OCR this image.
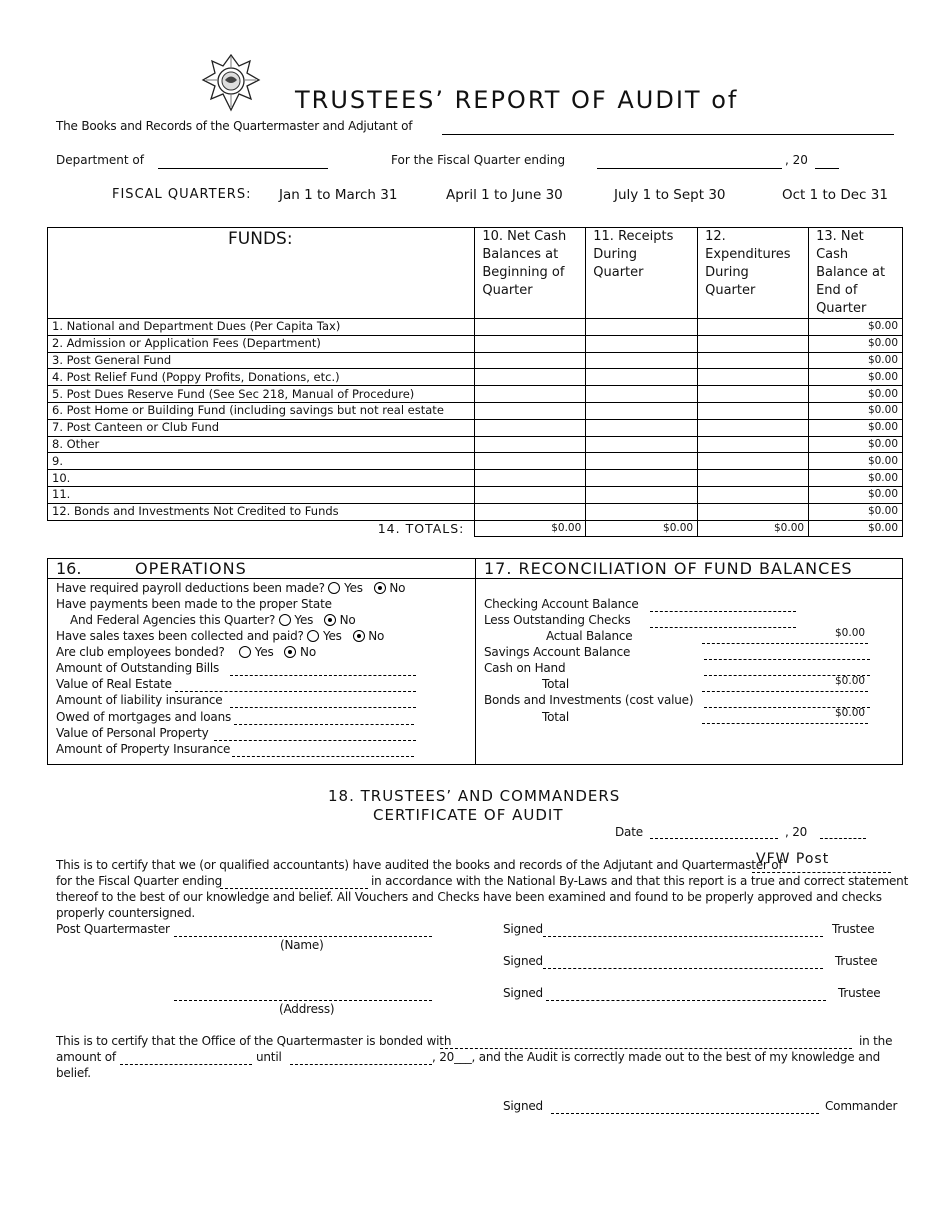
TRUSTEES’ REPORT OF AUDIT of
The Books and Records of the Quartermaster and Adjutant of
Department of	For the Fiscal Quarter ending	, 20
FISCAL QUARTERS: Jan 1 to March 31	April 1 to June 30	July 1 to Sept 30	Oct 1 to Dec 31
FUNDS:	10. Net Cash Balances at Beginning of Quarter	11. Receipts During Quarter	12. Expenditures During Quarter	13. Net Cash Balance at End of Quarter
1. National and Department Dues (Per Capita Tax)				$0.00
2. Admission or Application Fees (Department)				$0.00
3. Post General Fund				$0.00
4. Post Relief Fund (Poppy Profits, Donations, etc.)				$0.00
5. Post Dues Reserve Fund (See Sec 218, Manual of Procedure)				$0.00
6. Post Home or Building Fund (including savings but not real estate				$0.00
7. Post Canteen or Club Fund				$0.00
8. Other				$0.00
9.				$0.00
10.				$0.00
11.				$0.00
12. Bonds and Investments Not Credited to Funds				$0.00
14. TOTALS:	$0.00	$0.00	$0.00	$0.00
16.	OPERATIONS	17. RECONCILIATION OF FUND BALANCES
Have required payroll deductions been made? Yes No
Have payments been made to the proper State
And Federal Agencies this Quarter? Yes No
Have sales taxes been collected and paid? Yes No
Are club employees bonded?	Yes No
Amount of Outstanding Bills
Value of Real Estate
Amount of liability insurance
Owed of mortgages and loans
Value of Personal Property
Amount of Property Insurance
Checking Account Balance
Less Outstanding Checks
Actual Balance	$0.00
Savings Account Balance
Cash on Hand
Total	$0.00
Bonds and Investments (cost value)
Total	$0.00
18. TRUSTEES’ AND COMMANDERS
CERTIFICATE OF AUDIT
Date	, 20
VFW Post
This is to certify that we (or qualified accountants) have audited the books and records of the Adjutant and Quartermaster of
for the Fiscal Quarter ending	in accordance with the National By-Laws and that this report is a true and correct statement
thereof to the best of our knowledge and belief. All Vouchers and Checks have been examined and found to be properly approved and checks
properly countersigned.
Post Quartermaster
(Name)
(Address)
Signed	Trustee
Signed	Trustee
Signed	Trustee
This is to certify that the Office of the Quartermaster is bonded with	in the
amount of	until	, 20___, and the Audit is correctly made out to the best of my knowledge and
belief.
Signed	Commander
